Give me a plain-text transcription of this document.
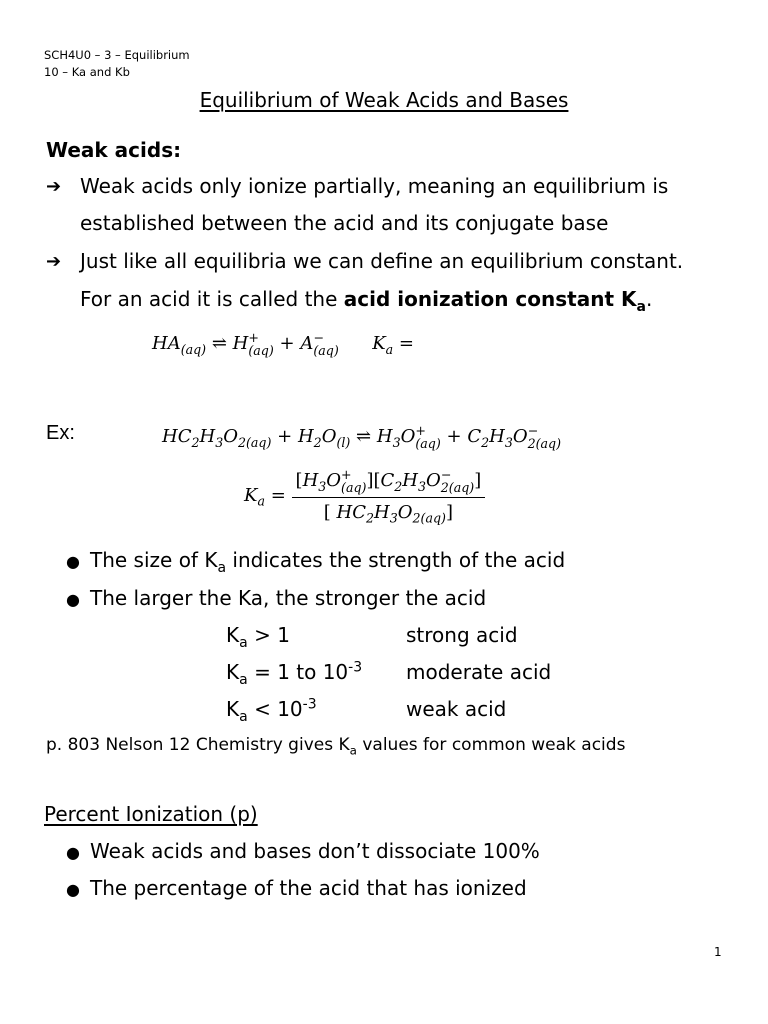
SCH4U0 – 3 – Equilibrium
10 – Ka and Kb
Equilibrium of Weak Acids and Bases
Weak acids:
➔ Weak acids only ionize partially, meaning an equilibrium is
established between the acid and its conjugate base
➔ Just like all equilibria we can define an equilibrium constant.
For an acid it is called the acid ionization constant $K_a$.
$HA_{(aq)}$ ⇌ H +
(aq) + A −
(aq) $K_a$ =
Ex:	$HC_2H_3O_{2(aq)} + H_2O_{(l)}$ ⇌ $H_3O$ +
$(aq) + C_2H_3O$ −
2(aq)
$K_a = [H_3O$ +
(aq) ][$C_2H_3O$ −
2(aq) ]
[ $HC_2H_3O_{2(aq)}$]
● The size of $K_a$ indicates the strength of the acid
● The larger the Ka, the stronger the acid
$K_a > 1$	strong acid
$K_a = 1$ to $10^{-3}$ moderate acid
$K_a < 10^{-3}$	weak acid
p. 803 Nelson 12 Chemistry gives $K_a$ values for common weak acids
Percent Ionization (p)
● Weak acids and bases don’t dissociate 100%
● The percentage of the acid that has ionized
1
